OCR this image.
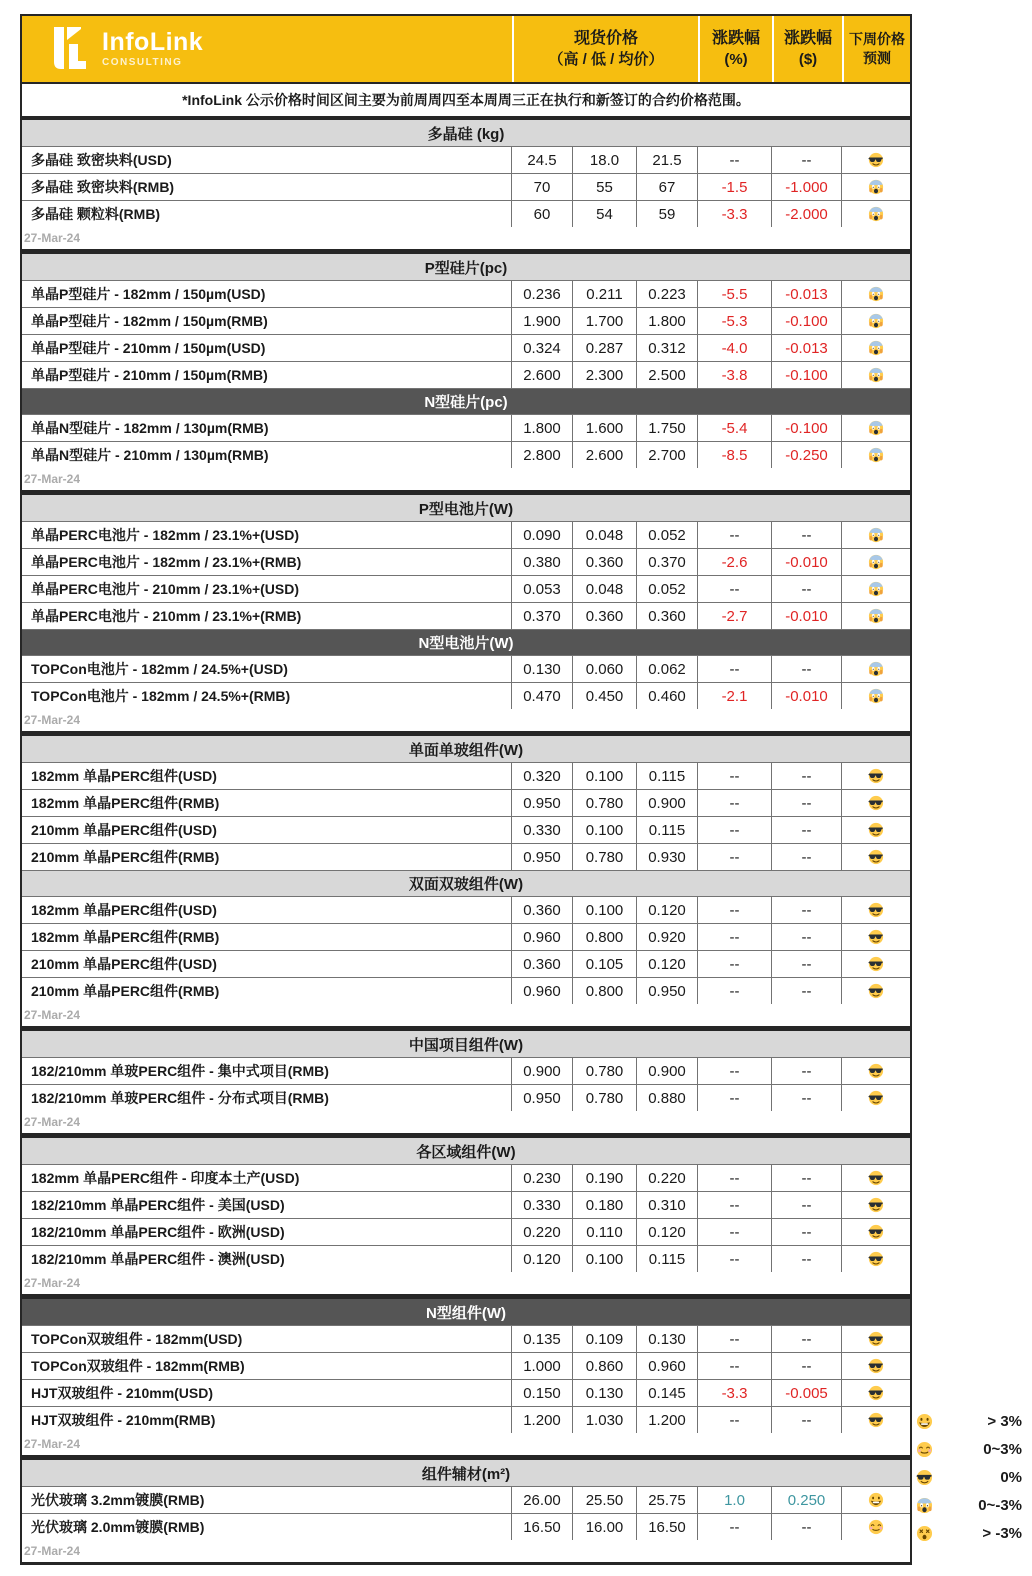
InfoLink
CONSULTING
现货价格
（高 / 低 / 均价）
涨跌幅
(%)
涨跌幅
($)
下周价格
预测
*InfoLink 公示价格时间区间主要为前周周四至本周周三正在执行和新签订的合约价格范围。
多晶硅 (kg)
多晶硅 致密块料(USD)	24.5	18.0	21.5	--	--
多晶硅 致密块料(RMB)	70	55	67	-1.5	-1.000
多晶硅 颗粒料(RMB)	60	54	59	-3.3	-2.000
27-Mar-24
P型硅片(pc)
单晶P型硅片 - 182mm / 150µm(USD)	0.236	0.211	0.223	-5.5	-0.013
单晶P型硅片 - 182mm / 150µm(RMB)	1.900	1.700	1.800	-5.3	-0.100
单晶P型硅片 - 210mm / 150µm(USD)	0.324	0.287	0.312	-4.0	-0.013
单晶P型硅片 - 210mm / 150µm(RMB)	2.600	2.300	2.500	-3.8	-0.100
N型硅片(pc)
单晶N型硅片 - 182mm / 130µm(RMB)	1.800	1.600	1.750	-5.4	-0.100
单晶N型硅片 - 210mm / 130µm(RMB)	2.800	2.600	2.700	-8.5	-0.250
27-Mar-24
P型电池片(W)
单晶PERC电池片 - 182mm / 23.1%+(USD)	0.090	0.048	0.052	--	--
单晶PERC电池片 - 182mm / 23.1%+(RMB)	0.380	0.360	0.370	-2.6	-0.010
单晶PERC电池片 - 210mm / 23.1%+(USD)	0.053	0.048	0.052	--	--
单晶PERC电池片 - 210mm / 23.1%+(RMB)	0.370	0.360	0.360	-2.7	-0.010
N型电池片(W)
TOPCon电池片 - 182mm / 24.5%+(USD)	0.130	0.060	0.062	--	--
TOPCon电池片 - 182mm / 24.5%+(RMB)	0.470	0.450	0.460	-2.1	-0.010
27-Mar-24
单面单玻组件(W)
182mm 单晶PERC组件(USD)	0.320	0.100	0.115	--	--
182mm 单晶PERC组件(RMB)	0.950	0.780	0.900	--	--
210mm 单晶PERC组件(USD)	0.330	0.100	0.115	--	--
210mm 单晶PERC组件(RMB)	0.950	0.780	0.930	--	--
双面双玻组件(W)
182mm 单晶PERC组件(USD)	0.360	0.100	0.120	--	--
182mm 单晶PERC组件(RMB)	0.960	0.800	0.920	--	--
210mm 单晶PERC组件(USD)	0.360	0.105	0.120	--	--
210mm 单晶PERC组件(RMB)	0.960	0.800	0.950	--	--
27-Mar-24
中国项目组件(W)
182/210mm 单玻PERC组件 - 集中式项目(RMB)	0.900	0.780	0.900	--	--
182/210mm 单玻PERC组件 - 分布式项目(RMB)	0.950	0.780	0.880	--	--
27-Mar-24
各区域组件(W)
182mm 单晶PERC组件 - 印度本土产(USD)	0.230	0.190	0.220	--	--
182/210mm 单晶PERC组件 - 美国(USD)	0.330	0.180	0.310	--	--
182/210mm 单晶PERC组件 - 欧洲(USD)	0.220	0.110	0.120	--	--
182/210mm 单晶PERC组件 - 澳洲(USD)	0.120	0.100	0.115	--	--
27-Mar-24
N型组件(W)
TOPCon双玻组件 - 182mm(USD)	0.135	0.109	0.130	--	--
TOPCon双玻组件 - 182mm(RMB)	1.000	0.860	0.960	--	--
HJT双玻组件 - 210mm(USD)	0.150	0.130	0.145	-3.3	-0.005
HJT双玻组件 - 210mm(RMB)	1.200	1.030	1.200	--	--
27-Mar-24
组件辅材(m²)
光伏玻璃 3.2mm镀膜(RMB)	26.00	25.50	25.75	1.0	0.250
光伏玻璃 2.0mm镀膜(RMB)	16.50	16.00	16.50	--	--
27-Mar-24
> 3%
0~3%
0%
0~-3%
> -3%
